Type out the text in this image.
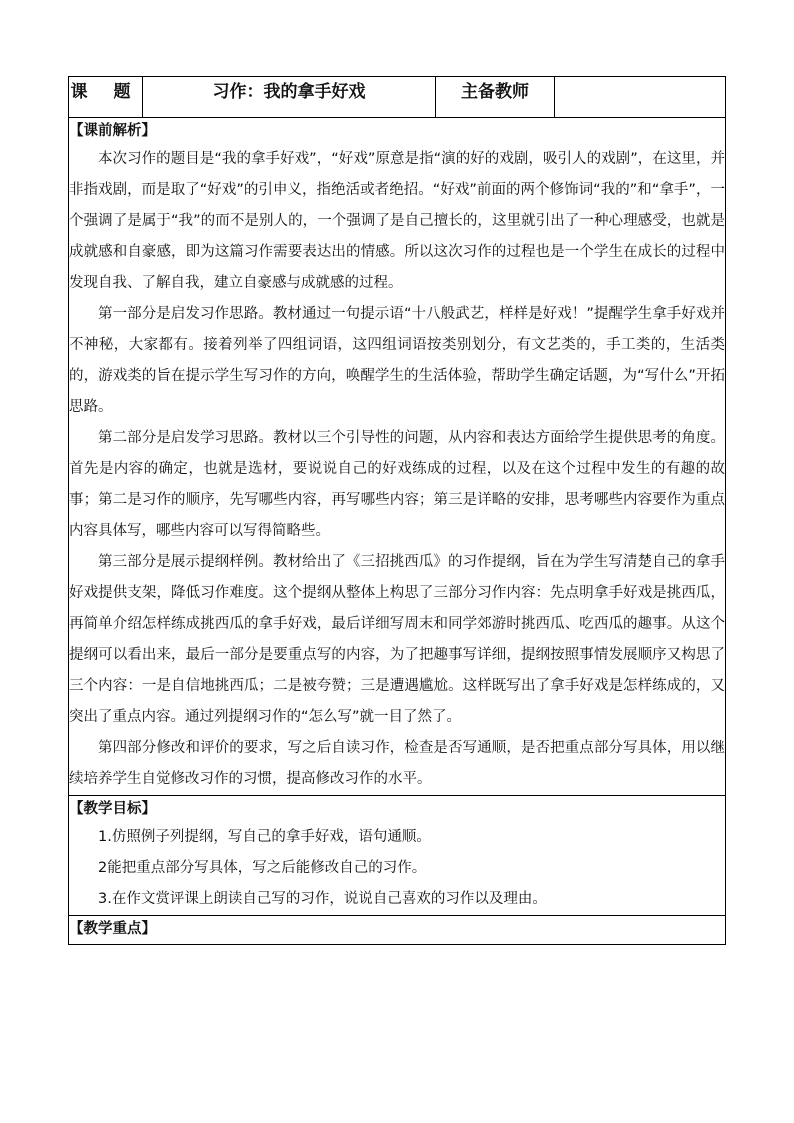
课 题	习作：我的拿手好戏	主备教师	

【课前解析】

本次习作的题目是“我的拿手好戏”，“好戏”原意是指“演的好的戏剧，吸引人的戏剧”，在这里，并非指戏剧，而是取了“好戏”的引申义，指绝活或者绝招。“好戏”前面的两个修饰词“我的”和“拿手”，一个强调了是属于“我”的而不是别人的，一个强调了是自己擅长的，这里就引出了一种心理感受，也就是成就感和自豪感，即为这篇习作需要表达出的情感。所以这次习作的过程也是一个学生在成长的过程中发现自我、了解自我，建立自豪感与成就感的过程。

第一部分是启发习作思路。教材通过一句提示语“十八般武艺，样样是好戏！”提醒学生拿手好戏并不神秘，大家都有。接着列举了四组词语，这四组词语按类别划分，有文艺类的，手工类的，生活类的，游戏类的旨在提示学生写习作的方向，唤醒学生的生活体验，帮助学生确定话题，为“写什么”开拓思路。

第二部分是启发学习思路。教材以三个引导性的问题，从内容和表达方面给学生提供思考的角度。首先是内容的确定，也就是选材，要说说自己的好戏练成的过程，以及在这个过程中发生的有趣的故事；第二是习作的顺序，先写哪些内容，再写哪些内容；第三是详略的安排，思考哪些内容要作为重点内容具体写，哪些内容可以写得简略些。

第三部分是展示提纲样例。教材给出了《三招挑西瓜》的习作提纲，旨在为学生写清楚自己的拿手好戏提供支架，降低习作难度。这个提纲从整体上构思了三部分习作内容：先点明拿手好戏是挑西瓜，再简单介绍怎样练成挑西瓜的拿手好戏，最后详细写周末和同学郊游时挑西瓜、吃西瓜的趣事。从这个提纲可以看出来，最后一部分是要重点写的内容，为了把趣事写详细，提纲按照事情发展顺序又构思了三个内容：一是自信地挑西瓜；二是被夸赞；三是遭遇尴尬。这样既写出了拿手好戏是怎样练成的，又突出了重点内容。通过列提纲习作的“怎么写”就一目了然了。

第四部分修改和评价的要求，写之后自读习作，检查是否写通顺，是否把重点部分写具体，用以继续培养学生自觉修改习作的习惯，提高修改习作的水平。

【教学目标】

1.仿照例子列提纲，写自己的拿手好戏，语句通顺。

2能把重点部分写具体，写之后能修改自己的习作。

3.在作文赏评课上朗读自己写的习作，说说自己喜欢的习作以及理由。

【教学重点】
